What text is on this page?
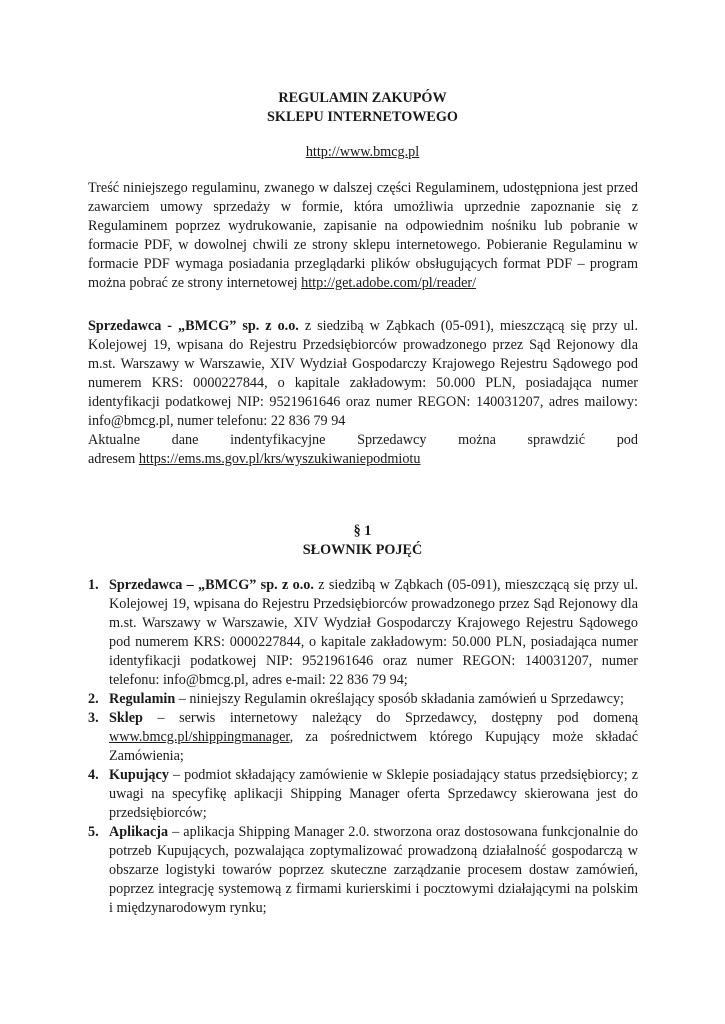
REGULAMIN ZAKUPÓW
SKLEPU INTERNETOWEGO
http://www.bmcg.pl
Treść niniejszego regulaminu, zwanego w dalszej części Regulaminem, udostępniona jest przed zawarciem umowy sprzedaży w formie, która umożliwia uprzednie zapoznanie się z Regulaminem poprzez wydrukowanie, zapisanie na odpowiednim nośniku lub pobranie w formacie PDF, w dowolnej chwili ze strony sklepu internetowego. Pobieranie Regulaminu w formacie PDF wymaga posiadania przeglądarki plików obsługujących format PDF – program można pobrać ze strony internetowej http://get.adobe.com/pl/reader/
Sprzedawca - „BMCG” sp. z o.o. z siedzibą w Ząbkach (05-091), mieszczącą się przy ul. Kolejowej 19, wpisana do Rejestru Przedsiębiorców prowadzonego przez Sąd Rejonowy dla m.st. Warszawy w Warszawie, XIV Wydział Gospodarczy Krajowego Rejestru Sądowego pod numerem KRS: 0000227844, o kapitale zakładowym: 50.000 PLN, posiadająca numer identyfikacji podatkowej NIP: 9521961646 oraz numer REGON: 140031207, adres mailowy: info@bmcg.pl, numer telefonu: 22 836 79 94
Aktualne dane indentyfikacyjne Sprzedawcy można sprawdzić pod
adresem https://ems.ms.gov.pl/krs/wyszukiwaniepodmiotu
§ 1
SŁOWNIK POJĘĆ
1. Sprzedawca – „BMCG” sp. z o.o. z siedzibą w Ząbkach (05-091), mieszczącą się przy ul. Kolejowej 19, wpisana do Rejestru Przedsiębiorców prowadzonego przez Sąd Rejonowy dla m.st. Warszawy w Warszawie, XIV Wydział Gospodarczy Krajowego Rejestru Sądowego pod numerem KRS: 0000227844, o kapitale zakładowym: 50.000 PLN, posiadająca numer identyfikacji podatkowej NIP: 9521961646 oraz numer REGON: 140031207, numer telefonu: info@bmcg.pl, adres e-mail: 22 836 79 94;
2. Regulamin – niniejszy Regulamin określający sposób składania zamówień u Sprzedawcy;
3. Sklep – serwis internetowy należący do Sprzedawcy, dostępny pod domeną www.bmcg.pl/shippingmanager, za pośrednictwem którego Kupujący może składać Zamówienia;
4. Kupujący – podmiot składający zamówienie w Sklepie posiadający status przedsiębiorcy; z uwagi na specyfikę aplikacji Shipping Manager oferta Sprzedawcy skierowana jest do przedsiębiorców;
5. Aplikacja – aplikacja Shipping Manager 2.0. stworzona oraz dostosowana funkcjonalnie do potrzeb Kupujących, pozwalająca zoptymalizować prowadzoną działalność gospodarczą w obszarze logistyki towarów poprzez skuteczne zarządzanie procesem dostaw zamówień, poprzez integrację systemową z firmami kurierskimi i pocztowymi działającymi na polskim i międzynarodowym rynku;
